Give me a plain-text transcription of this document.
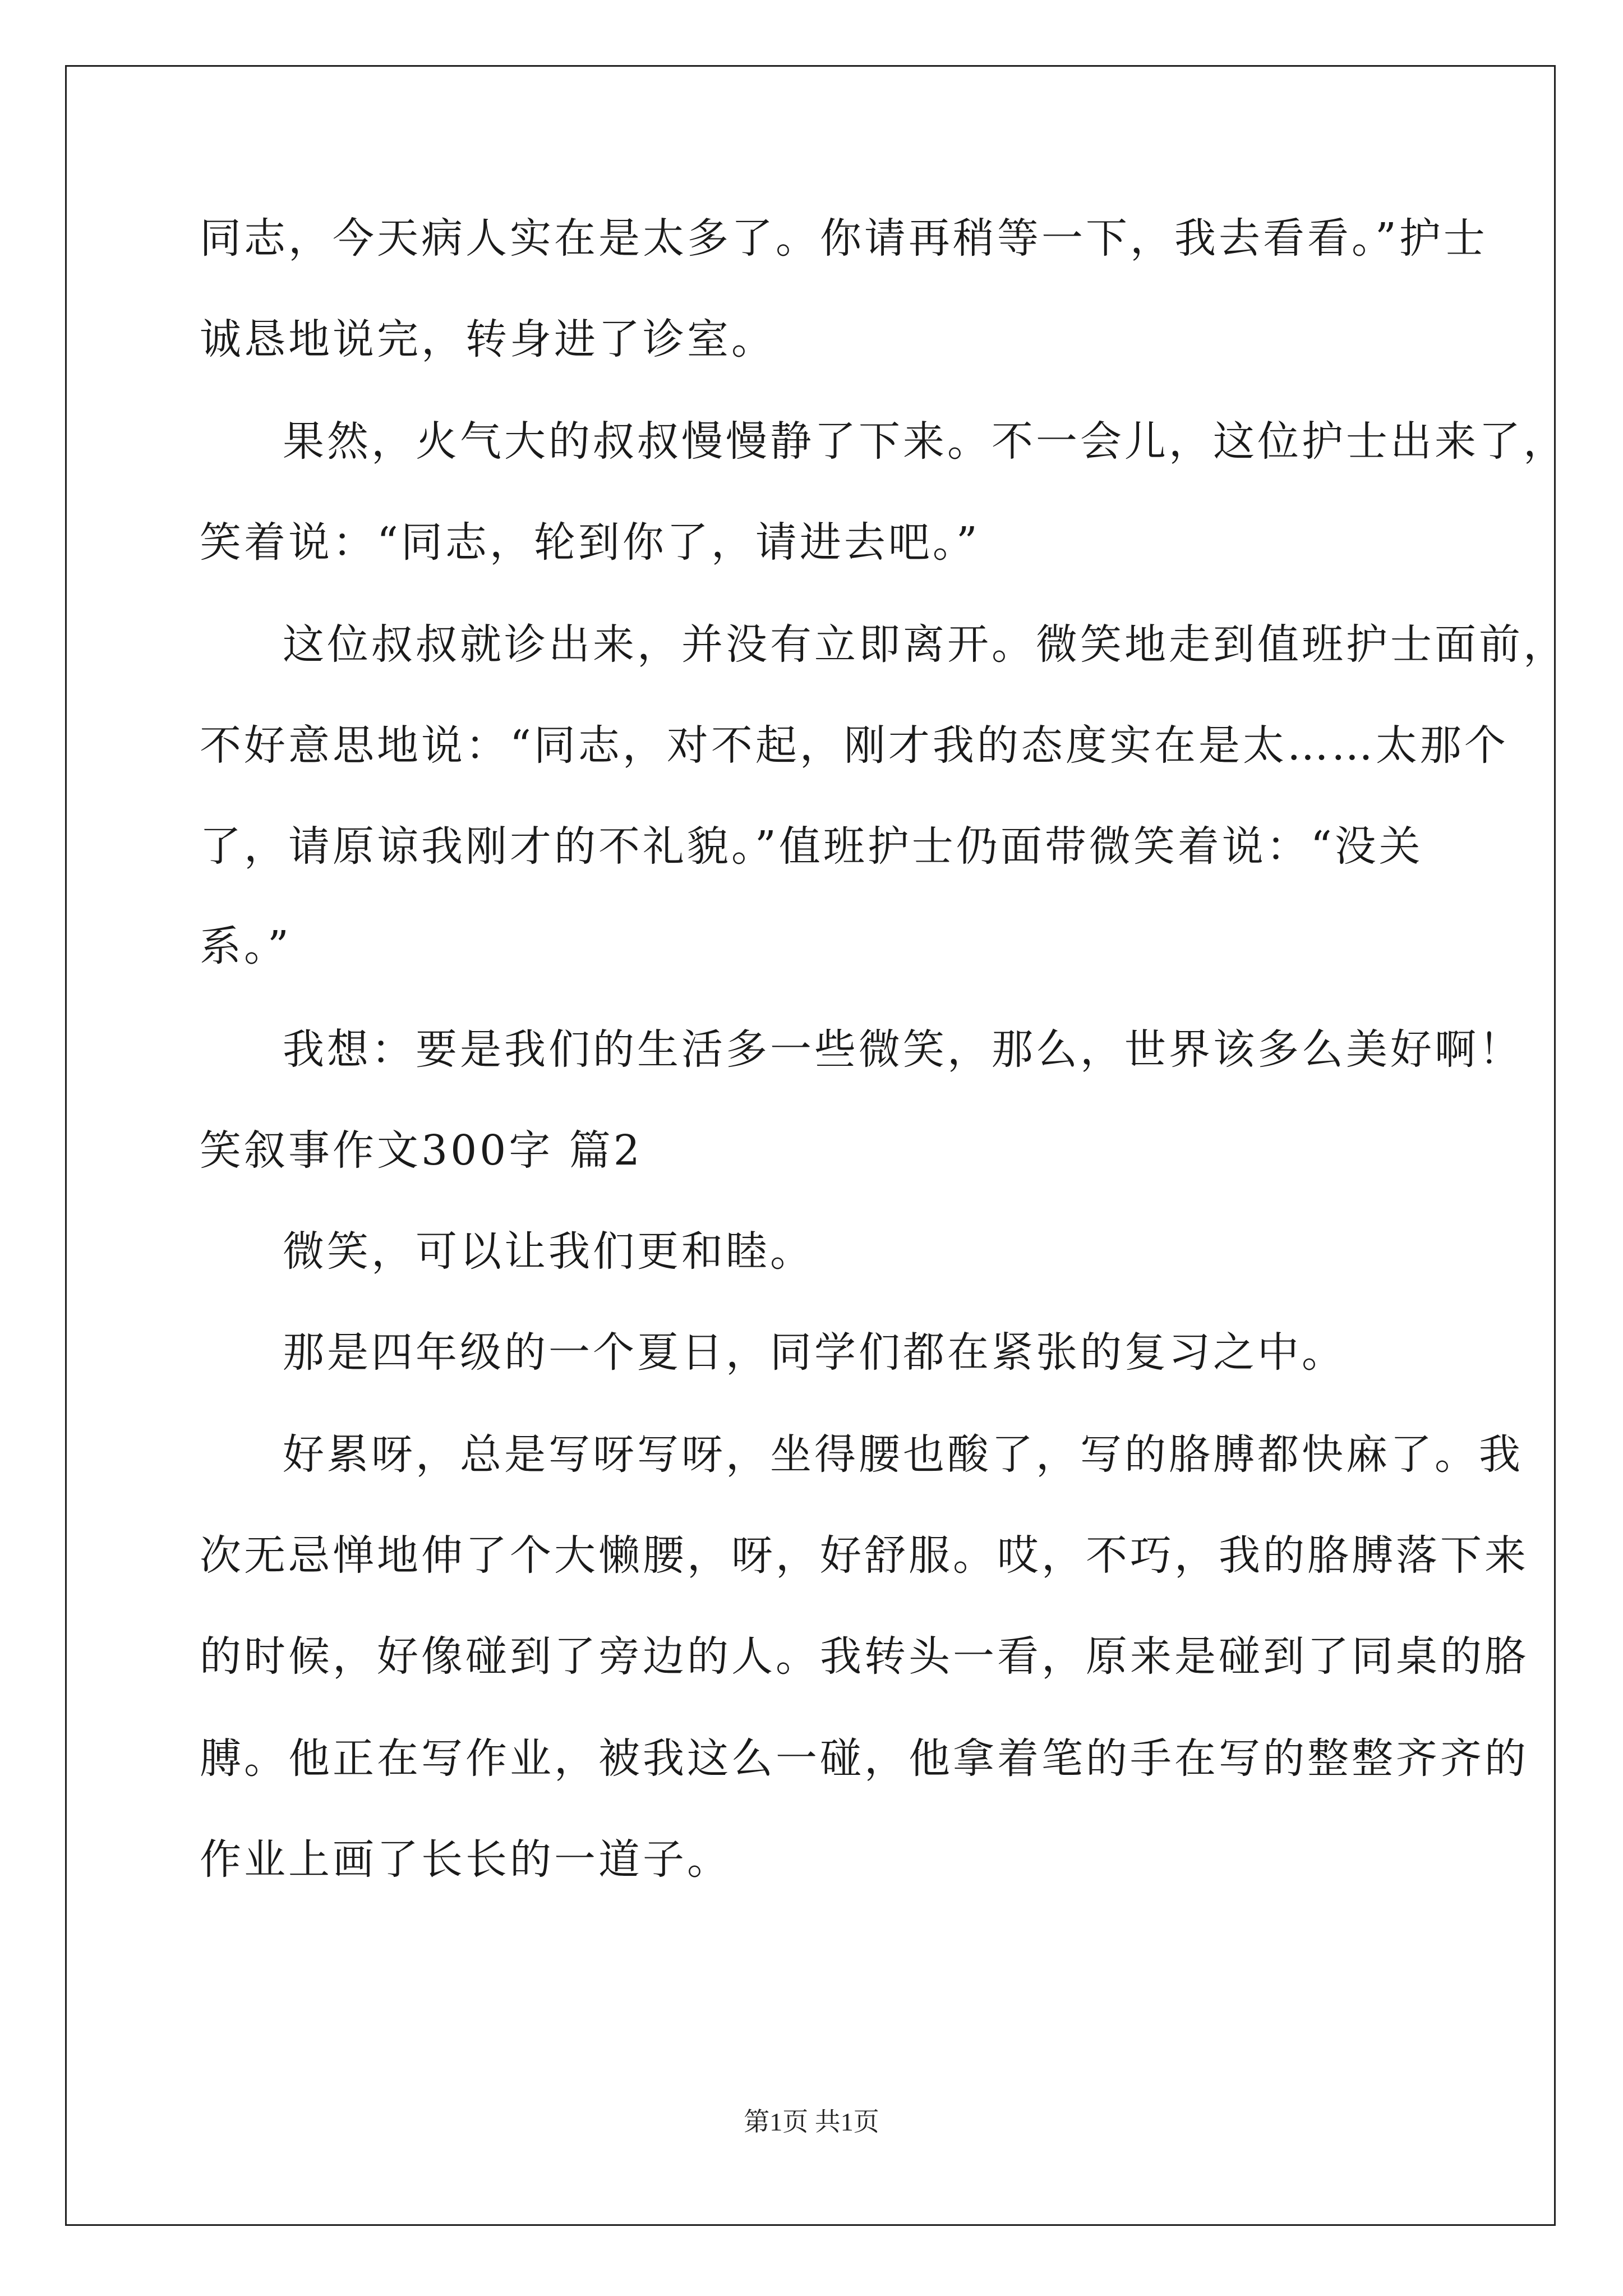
同志，今天病人实在是太多了。你请再稍等一下，我去看看。”护士
诚恳地说完，转身进了诊室。
果然，火气大的叔叔慢慢静了下来。不一会儿，这位护士出来了，
笑着说：“同志，轮到你了，请进去吧。”
这位叔叔就诊出来，并没有立即离开。微笑地走到值班护士面前，
不好意思地说：“同志，对不起，刚才我的态度实在是太……太那个
了，请原谅我刚才的不礼貌。”值班护士仍面带微笑着说：“没关
系。”
我想：要是我们的生活多一些微笑，那么，世界该多么美好啊！
笑叙事作文300字 篇2
微笑，可以让我们更和睦。
那是四年级的一个夏日，同学们都在紧张的复习之中。
好累呀，总是写呀写呀，坐得腰也酸了，写的胳膊都快麻了。我
次无忌惮地伸了个大懒腰，呀，好舒服。哎，不巧，我的胳膊落下来
的时候，好像碰到了旁边的人。我转头一看，原来是碰到了同桌的胳
膊。他正在写作业，被我这么一碰，他拿着笔的手在写的整整齐齐的
作业上画了长长的一道子。
第1页 共1页
